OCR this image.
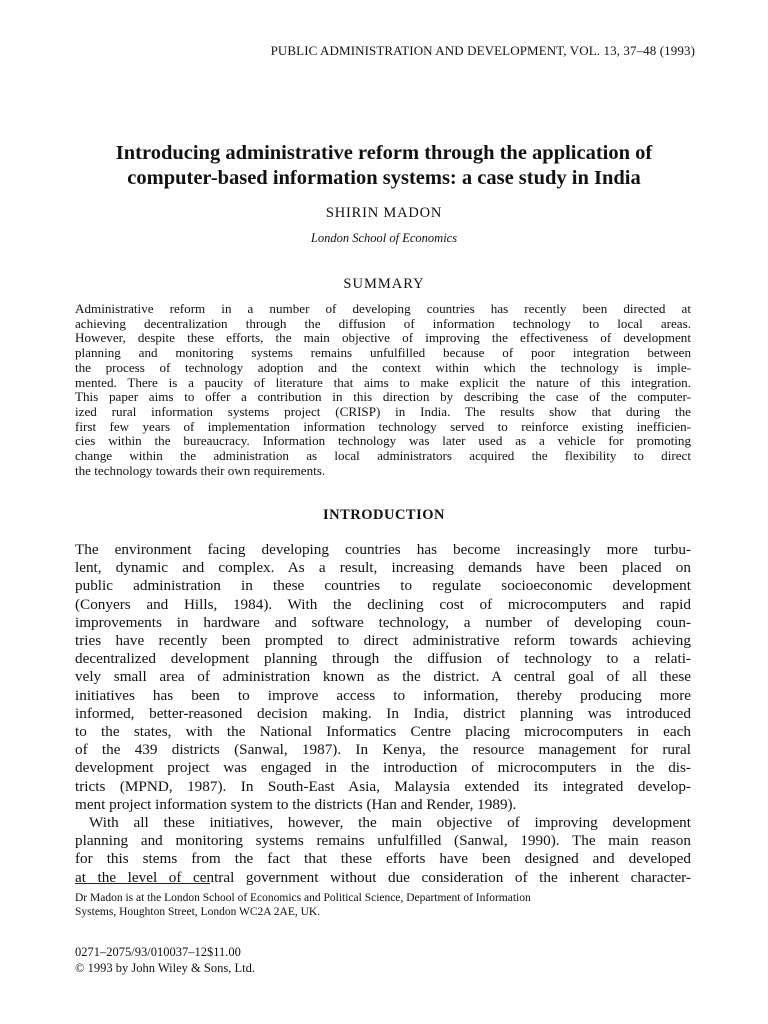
PUBLIC ADMINISTRATION AND DEVELOPMENT, VOL. 13, 37–48 (1993)
Introducing administrative reform through the application of
computer-based information systems: a case study in India
SHIRIN MADON
London School of Economics
SUMMARY
Administrative reform in a number of developing countries has recently been directed at
achieving decentralization through the diffusion of information technology to local areas.
However, despite these efforts, the main objective of improving the effectiveness of development
planning and monitoring systems remains unfulfilled because of poor integration between
the process of technology adoption and the context within which the technology is imple-
mented. There is a paucity of literature that aims to make explicit the nature of this integration.
This paper aims to offer a contribution in this direction by describing the case of the computer-
ized rural information systems project (CRISP) in India. The results show that during the
first few years of implementation information technology served to reinforce existing inefficien-
cies within the bureaucracy. Information technology was later used as a vehicle for promoting
change within the administration as local administrators acquired the flexibility to direct
the technology towards their own requirements.
INTRODUCTION
The environment facing developing countries has become increasingly more turbu-
lent, dynamic and complex. As a result, increasing demands have been placed on
public administration in these countries to regulate socioeconomic development
(Conyers and Hills, 1984). With the declining cost of microcomputers and rapid
improvements in hardware and software technology, a number of developing coun-
tries have recently been prompted to direct administrative reform towards achieving
decentralized development planning through the diffusion of technology to a relati-
vely small area of administration known as the district. A central goal of all these
initiatives has been to improve access to information, thereby producing more
informed, better-reasoned decision making. In India, district planning was introduced
to the states, with the National Informatics Centre placing microcomputers in each
of the 439 districts (Sanwal, 1987). In Kenya, the resource management for rural
development project was engaged in the introduction of microcomputers in the dis-
tricts (MPND, 1987). In South-East Asia, Malaysia extended its integrated develop-
ment project information system to the districts (Han and Render, 1989).
With all these initiatives, however, the main objective of improving development
planning and monitoring systems remains unfulfilled (Sanwal, 1990). The main reason
for this stems from the fact that these efforts have been designed and developed
at the level of central government without due consideration of the inherent character-
Dr Madon is at the London School of Economics and Political Science, Department of Information
Systems, Houghton Street, London WC2A 2AE, UK.
0271–2075/93/010037–12$11.00
© 1993 by John Wiley & Sons, Ltd.
